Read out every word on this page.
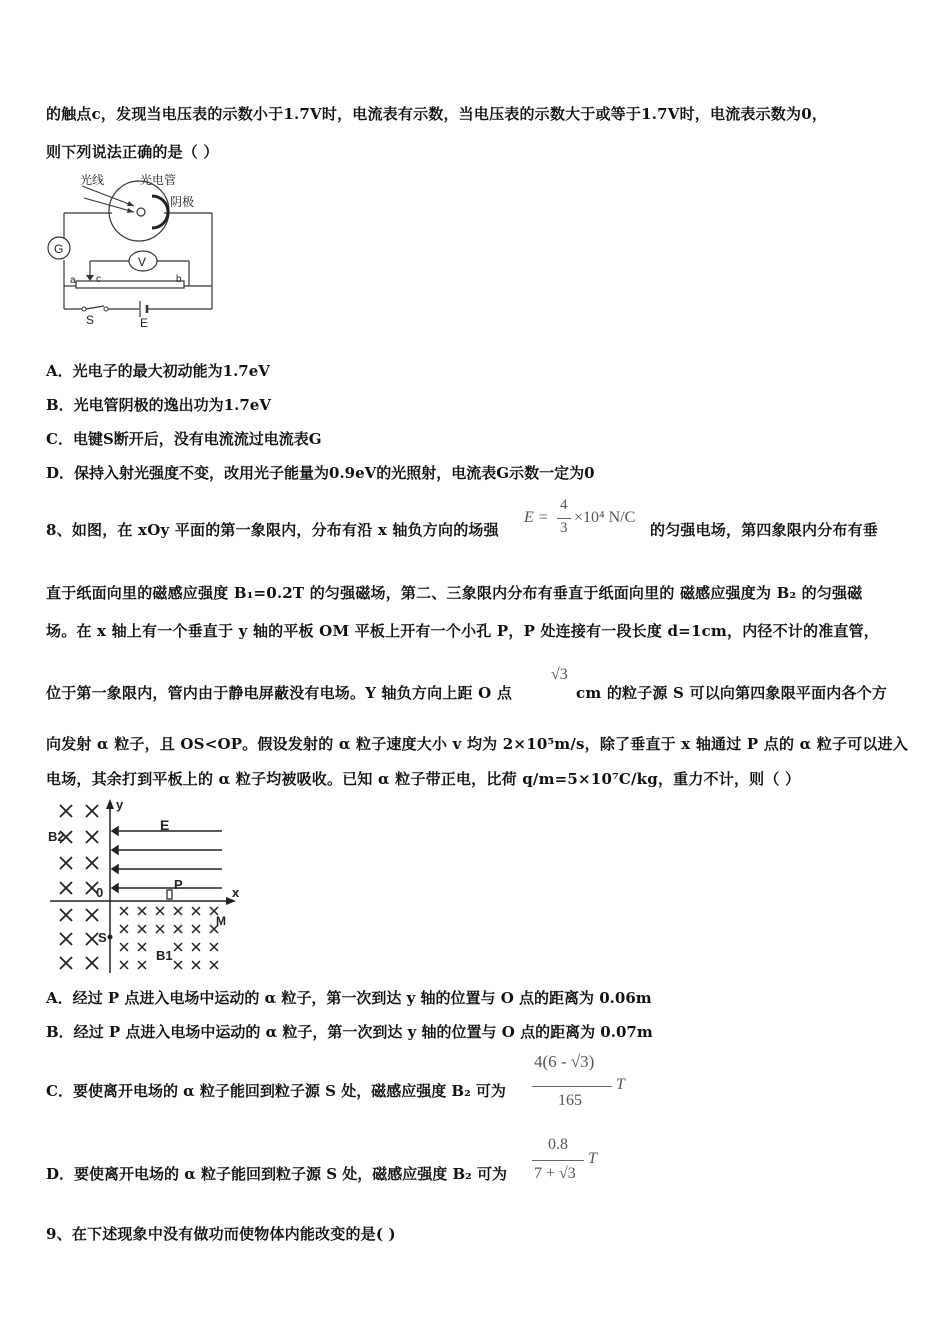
的触点c，发现当电压表的示数小于1.7V时，电流表有示数，当电压表的示数大于或等于1.7V时，电流表示数为0，
则下列说法正确的是（ ）
光线	光电管
阴极
G
V
a c	b
S	E
A．光电子的最大初动能为1.7eV
B．光电管阴极的逸出功为1.7eV
C．电键S断开后，没有电流流过电流表G
D．保持入射光强度不变，改用光子能量为0.9eV的光照射，电流表G示数一定为0
8、如图，在 xOy 平面的第一象限内，分布有沿 x 轴负方向的场强
E =
4
3
×10⁴ N/C
的匀强电场，第四象限内分布有垂
直于纸面向里的磁感应强度 B₁=0.2T 的匀强磁场，第二、三象限内分布有垂直于纸面向里的 磁感应强度为 B₂ 的匀强磁
场。在 x 轴上有一个垂直于 y 轴的平板 OM 平板上开有一个小孔 P，P 处连接有一段长度 d=1cm，内径不计的准直管，
位于第一象限内，管内由于静电屏蔽没有电场。Y 轴负方向上距 O 点
√3
cm 的粒子源 S 可以向第四象限平面内各个方
向发射 α 粒子，且 OS<OP。假设发射的 α 粒子速度大小 v 均为 2×10⁵m/s，除了垂直于 x 轴通过 P 点的 α 粒子可以进入
电场，其余打到平板上的 α 粒子均被吸收。已知 α 粒子带正电，比荷 q/m=5×10⁷C/kg，重力不计，则（ ）
y
x
E
B2
0
P
M
S
B1
A．经过 P 点进入电场中运动的 α 粒子，第一次到达 y 轴的位置与 O 点的距离为 0.06m
B．经过 P 点进入电场中运动的 α 粒子，第一次到达 y 轴的位置与 O 点的距离为 0.07m
C．要使离开电场的 α 粒子能回到粒子源 S 处，磁感应强度 B₂ 可为
4(6 - √3)
165
T
D．要使离开电场的 α 粒子能回到粒子源 S 处，磁感应强度 B₂ 可为
0.8
7 + √3
T
9、在下述现象中没有做功而使物体内能改变的是( )
